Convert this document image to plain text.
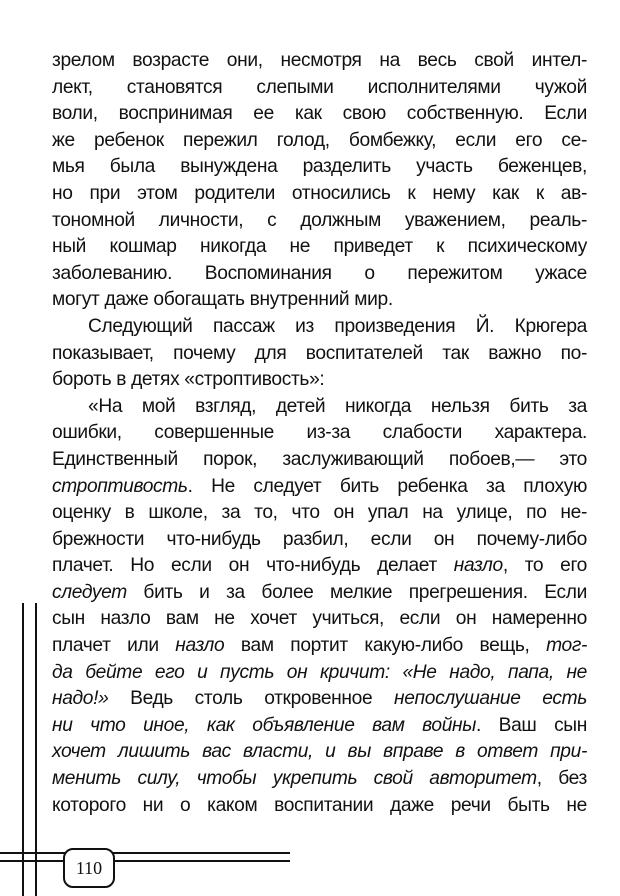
зрелом возрасте они, несмотря на весь свой интел-
лект, становятся слепыми исполнителями чужой
воли, воспринимая ее как свою собственную. Если
же ребенок пережил голод, бомбежку, если его се-
мья была вынуждена разделить участь беженцев,
но при этом родители относились к нему как к ав-
тономной личности, с должным уважением, реаль-
ный кошмар никогда не приведет к психическому
заболеванию. Воспоминания о пережитом ужасе
могут даже обогащать внутренний мир.
Следующий пассаж из произведения Й. Крюгера
показывает, почему для воспитателей так важно по-
бороть в детях «строптивость»:
«На мой взгляд, детей никогда нельзя бить за
ошибки, совершенные из-за слабости характера.
Единственный порок, заслуживающий побоев,— это
строптивость. Не следует бить ребенка за плохую
оценку в школе, за то, что он упал на улице, по не-
брежности что-нибудь разбил, если он почему-либо
плачет. Но если он что-нибудь делает назло, то его
следует бить и за более мелкие прегрешения. Если
сын назло вам не хочет учиться, если он намеренно
плачет или назло вам портит какую-либо вещь, тог-
да бейте его и пусть он кричит: «Не надо, папа, не
надо!» Ведь столь откровенное непослушание есть
ни что иное, как объявление вам войны. Ваш сын
хочет лишить вас власти, и вы вправе в ответ при-
менить силу, чтобы укрепить свой авторитет, без
которого ни о каком воспитании даже речи быть не
110
